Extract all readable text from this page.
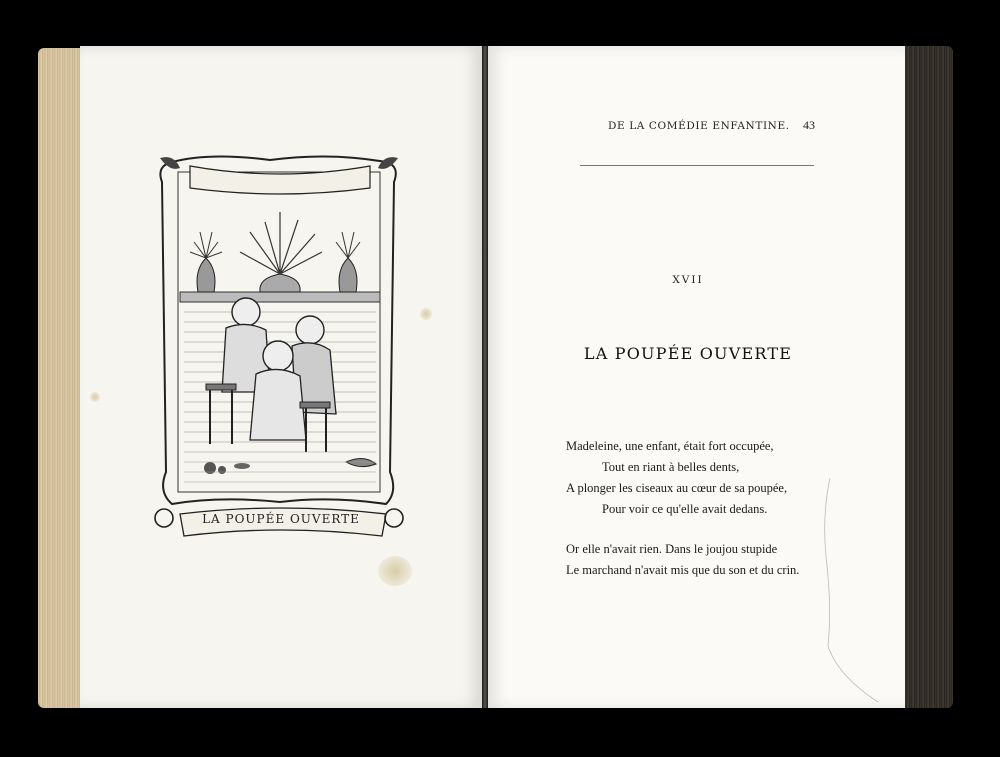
LA POUPÉE OUVERTE
DE LA COMÉDIE ENFANTINE.	43
XVII
LA POUPÉE OUVERTE
Madeleine, une enfant, était fort occupée,
Tout en riant à belles dents,
A plonger les ciseaux au cœur de sa poupée,
Pour voir ce qu'elle avait dedans.
Or elle n'avait rien. Dans le joujou stupide
Le marchand n'avait mis que du son et du crin.
